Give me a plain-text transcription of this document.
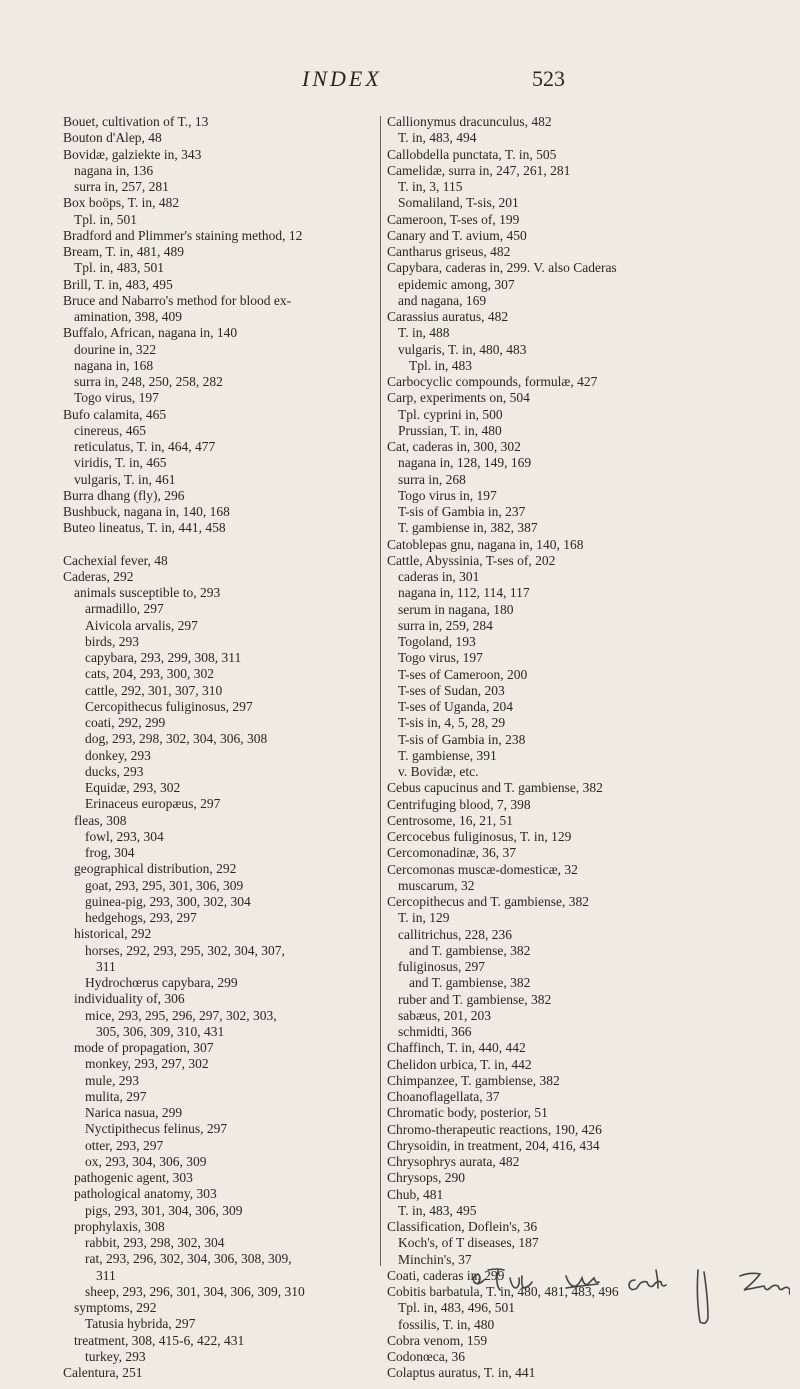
INDEX	523
Bouet, cultivation of T., 13
Bouton d'Alep, 48
Bovidæ, galziekte in, 343
nagana in, 136
surra in, 257, 281
Box boöps, T. in, 482
Tpl. in, 501
Bradford and Plimmer's staining method, 12
Bream, T. in, 481, 489
Tpl. in, 483, 501
Brill, T. in, 483, 495
Bruce and Nabarro's method for blood ex-
amination, 398, 409
Buffalo, African, nagana in, 140
dourine in, 322
nagana in, 168
surra in, 248, 250, 258, 282
Togo virus, 197
Bufo calamita, 465
cinereus, 465
reticulatus, T. in, 464, 477
viridis, T. in, 465
vulgaris, T. in, 461
Burra dhang (fly), 296
Bushbuck, nagana in, 140, 168
Buteo lineatus, T. in, 441, 458
Cachexial fever, 48
Caderas, 292
animals susceptible to, 293
armadillo, 297
Aivicola arvalis, 297
birds, 293
capybara, 293, 299, 308, 311
cats, 204, 293, 300, 302
cattle, 292, 301, 307, 310
Cercopithecus fuliginosus, 297
coati, 292, 299
dog, 293, 298, 302, 304, 306, 308
donkey, 293
ducks, 293
Equidæ, 293, 302
Erinaceus europæus, 297
fleas, 308
fowl, 293, 304
frog, 304
geographical distribution, 292
goat, 293, 295, 301, 306, 309
guinea-pig, 293, 300, 302, 304
hedgehogs, 293, 297
historical, 292
horses, 292, 293, 295, 302, 304, 307,
311
Hydrochœrus capybara, 299
individuality of, 306
mice, 293, 295, 296, 297, 302, 303,
305, 306, 309, 310, 431
mode of propagation, 307
monkey, 293, 297, 302
mule, 293
mulita, 297
Narica nasua, 299
Nyctipithecus felinus, 297
otter, 293, 297
ox, 293, 304, 306, 309
pathogenic agent, 303
pathological anatomy, 303
pigs, 293, 301, 304, 306, 309
prophylaxis, 308
rabbit, 293, 298, 302, 304
rat, 293, 296, 302, 304, 306, 308, 309,
311
sheep, 293, 296, 301, 304, 306, 309, 310
symptoms, 292
Tatusia hybrida, 297
treatment, 308, 415-6, 422, 431
turkey, 293
Calentura, 251
Callionymus dracunculus, 482
T. in, 483, 494
Callobdella punctata, T. in, 505
Camelidæ, surra in, 247, 261, 281
T. in, 3, 115
Somaliland, T-sis, 201
Cameroon, T-ses of, 199
Canary and T. avium, 450
Cantharus griseus, 482
Capybara, caderas in, 299. V. also Caderas
epidemic among, 307
and nagana, 169
Carassius auratus, 482
T. in, 488
vulgaris, T. in, 480, 483
Tpl. in, 483
Carbocyclic compounds, formulæ, 427
Carp, experiments on, 504
Tpl. cyprini in, 500
Prussian, T. in, 480
Cat, caderas in, 300, 302
nagana in, 128, 149, 169
surra in, 268
Togo virus in, 197
T-sis of Gambia in, 237
T. gambiense in, 382, 387
Catoblepas gnu, nagana in, 140, 168
Cattle, Abyssinia, T-ses of, 202
caderas in, 301
nagana in, 112, 114, 117
serum in nagana, 180
surra in, 259, 284
Togoland, 193
Togo virus, 197
T-ses of Cameroon, 200
T-ses of Sudan, 203
T-ses of Uganda, 204
T-sis in, 4, 5, 28, 29
T-sis of Gambia in, 238
T. gambiense, 391
v. Bovidæ, etc.
Cebus capucinus and T. gambiense, 382
Centrifuging blood, 7, 398
Centrosome, 16, 21, 51
Cercocebus fuliginosus, T. in, 129
Cercomonadinæ, 36, 37
Cercomonas muscæ-domesticæ, 32
muscarum, 32
Cercopithecus and T. gambiense, 382
T. in, 129
callitrichus, 228, 236
and T. gambiense, 382
fuliginosus, 297
and T. gambiense, 382
ruber and T. gambiense, 382
sabæus, 201, 203
schmidti, 366
Chaffinch, T. in, 440, 442
Chelidon urbica, T. in, 442
Chimpanzee, T. gambiense, 382
Choanoflagellata, 37
Chromatic body, posterior, 51
Chromo-therapeutic reactions, 190, 426
Chrysoidin, in treatment, 204, 416, 434
Chrysophrys aurata, 482
Chrysops, 290
Chub, 481
T. in, 483, 495
Classification, Doflein's, 36
Koch's, of T diseases, 187
Minchin's, 37
Coati, caderas in, 299
Cobitis barbatula, T. in, 480, 481, 483, 496
Tpl. in, 483, 496, 501
fossilis, T. in, 480
Cobra venom, 159
Codonœca, 36
Colaptus auratus, T. in, 441
